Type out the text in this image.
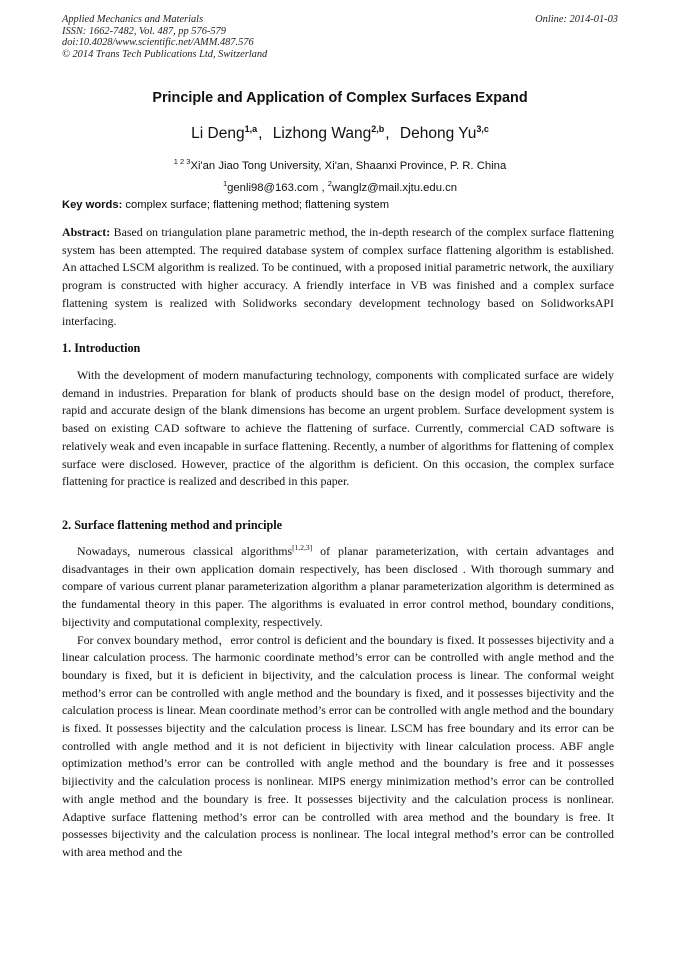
Applied Mechanics and Materials
ISSN: 1662-7482, Vol. 487, pp 576-579
doi:10.4028/www.scientific.net/AMM.487.576
© 2014 Trans Tech Publications Ltd, Switzerland
Online: 2014-01-03
Principle and Application of Complex Surfaces Expand
Li Deng$^{1,a}$, Lizhong Wang$^{2,b}$, Dehong Yu$^{3,c}$
$^{1 2 3}$Xi'an Jiao Tong University, Xi'an, Shaanxi Province, P. R. China
$^1$genli98@163.com , $^2$wanglz@mail.xjtu.edu.cn
Key words: complex surface; flattening method; flattening system
Abstract: Based on triangulation plane parametric method, the in-depth research of the complex surface flattening system has been attempted. The required database system of complex surface flattening algorithm is established. An attached LSCM algorithm is realized. To be continued, with a proposed initial parametric network, the auxiliary program is constructed with higher accuracy. A friendly interface in VB was finished and a complex surface flattening system is realized with Solidworks secondary development technology based on SolidworksAPI interfacing.
1. Introduction

With the development of modern manufacturing technology, components with complicated surface are widely demand in industries. Preparation for blank of products should base on the design model of product, therefore, rapid and accurate design of the blank dimensions has become an urgent problem. Surface development system is based on existing CAD software to achieve the flattening of surface. Currently, commercial CAD software is relatively weak and even incapable in surface flattening. Recently, a number of algorithms for flattening of complex surface were disclosed. However, practice of the algorithm is deficient. On this occasion, the complex surface flattening for practice is realized and described in this paper.

2. Surface flattening method and principle

Nowadays, numerous classical algorithms[1,2,3] of planar parameterization, with certain advantages and disadvantages in their own application domain respectively, has been disclosed . With thorough summary and compare of various current planar parameterization algorithm a planar parameterization algorithm is determined as the fundamental theory in this paper. The algorithms is evaluated in error control method, boundary conditions, bijectivity and computational complexity, respectively.

For convex boundary method，error control is deficient and the boundary is fixed. It possesses bijectivity and a linear calculation process. The harmonic coordinate method’s error can be controlled with angle method and the boundary is fixed, but it is deficient in bijectivity, and the calculation process is linear. The conformal weight method’s error can be controlled with angle method and the boundary is fixed, and it possesses bijectivity and the calculation process is linear. Mean coordinate method’s error can be controlled with angle method and the boundary is fixed. It possesses bijectity and the calculation process is linear. LSCM has free boundary and its error can be controlled with angle method and it is not deficient in bijectivity with linear calculation process. ABF angle optimization method’s error can be controlled with angle method and the boundary is free and it possesses bijiectivity and the calculation process is nonlinear. MIPS energy minimization method’s error can be controlled with angle method and the boundary is free. It possesses bijectivity and the calculation process is nonlinear. Adaptive surface flattening method’s error can be controlled with area method and the boundary is free. It possesses bijectivity and the calculation process is nonlinear. The local integral method’s error can be controlled with area method and the
